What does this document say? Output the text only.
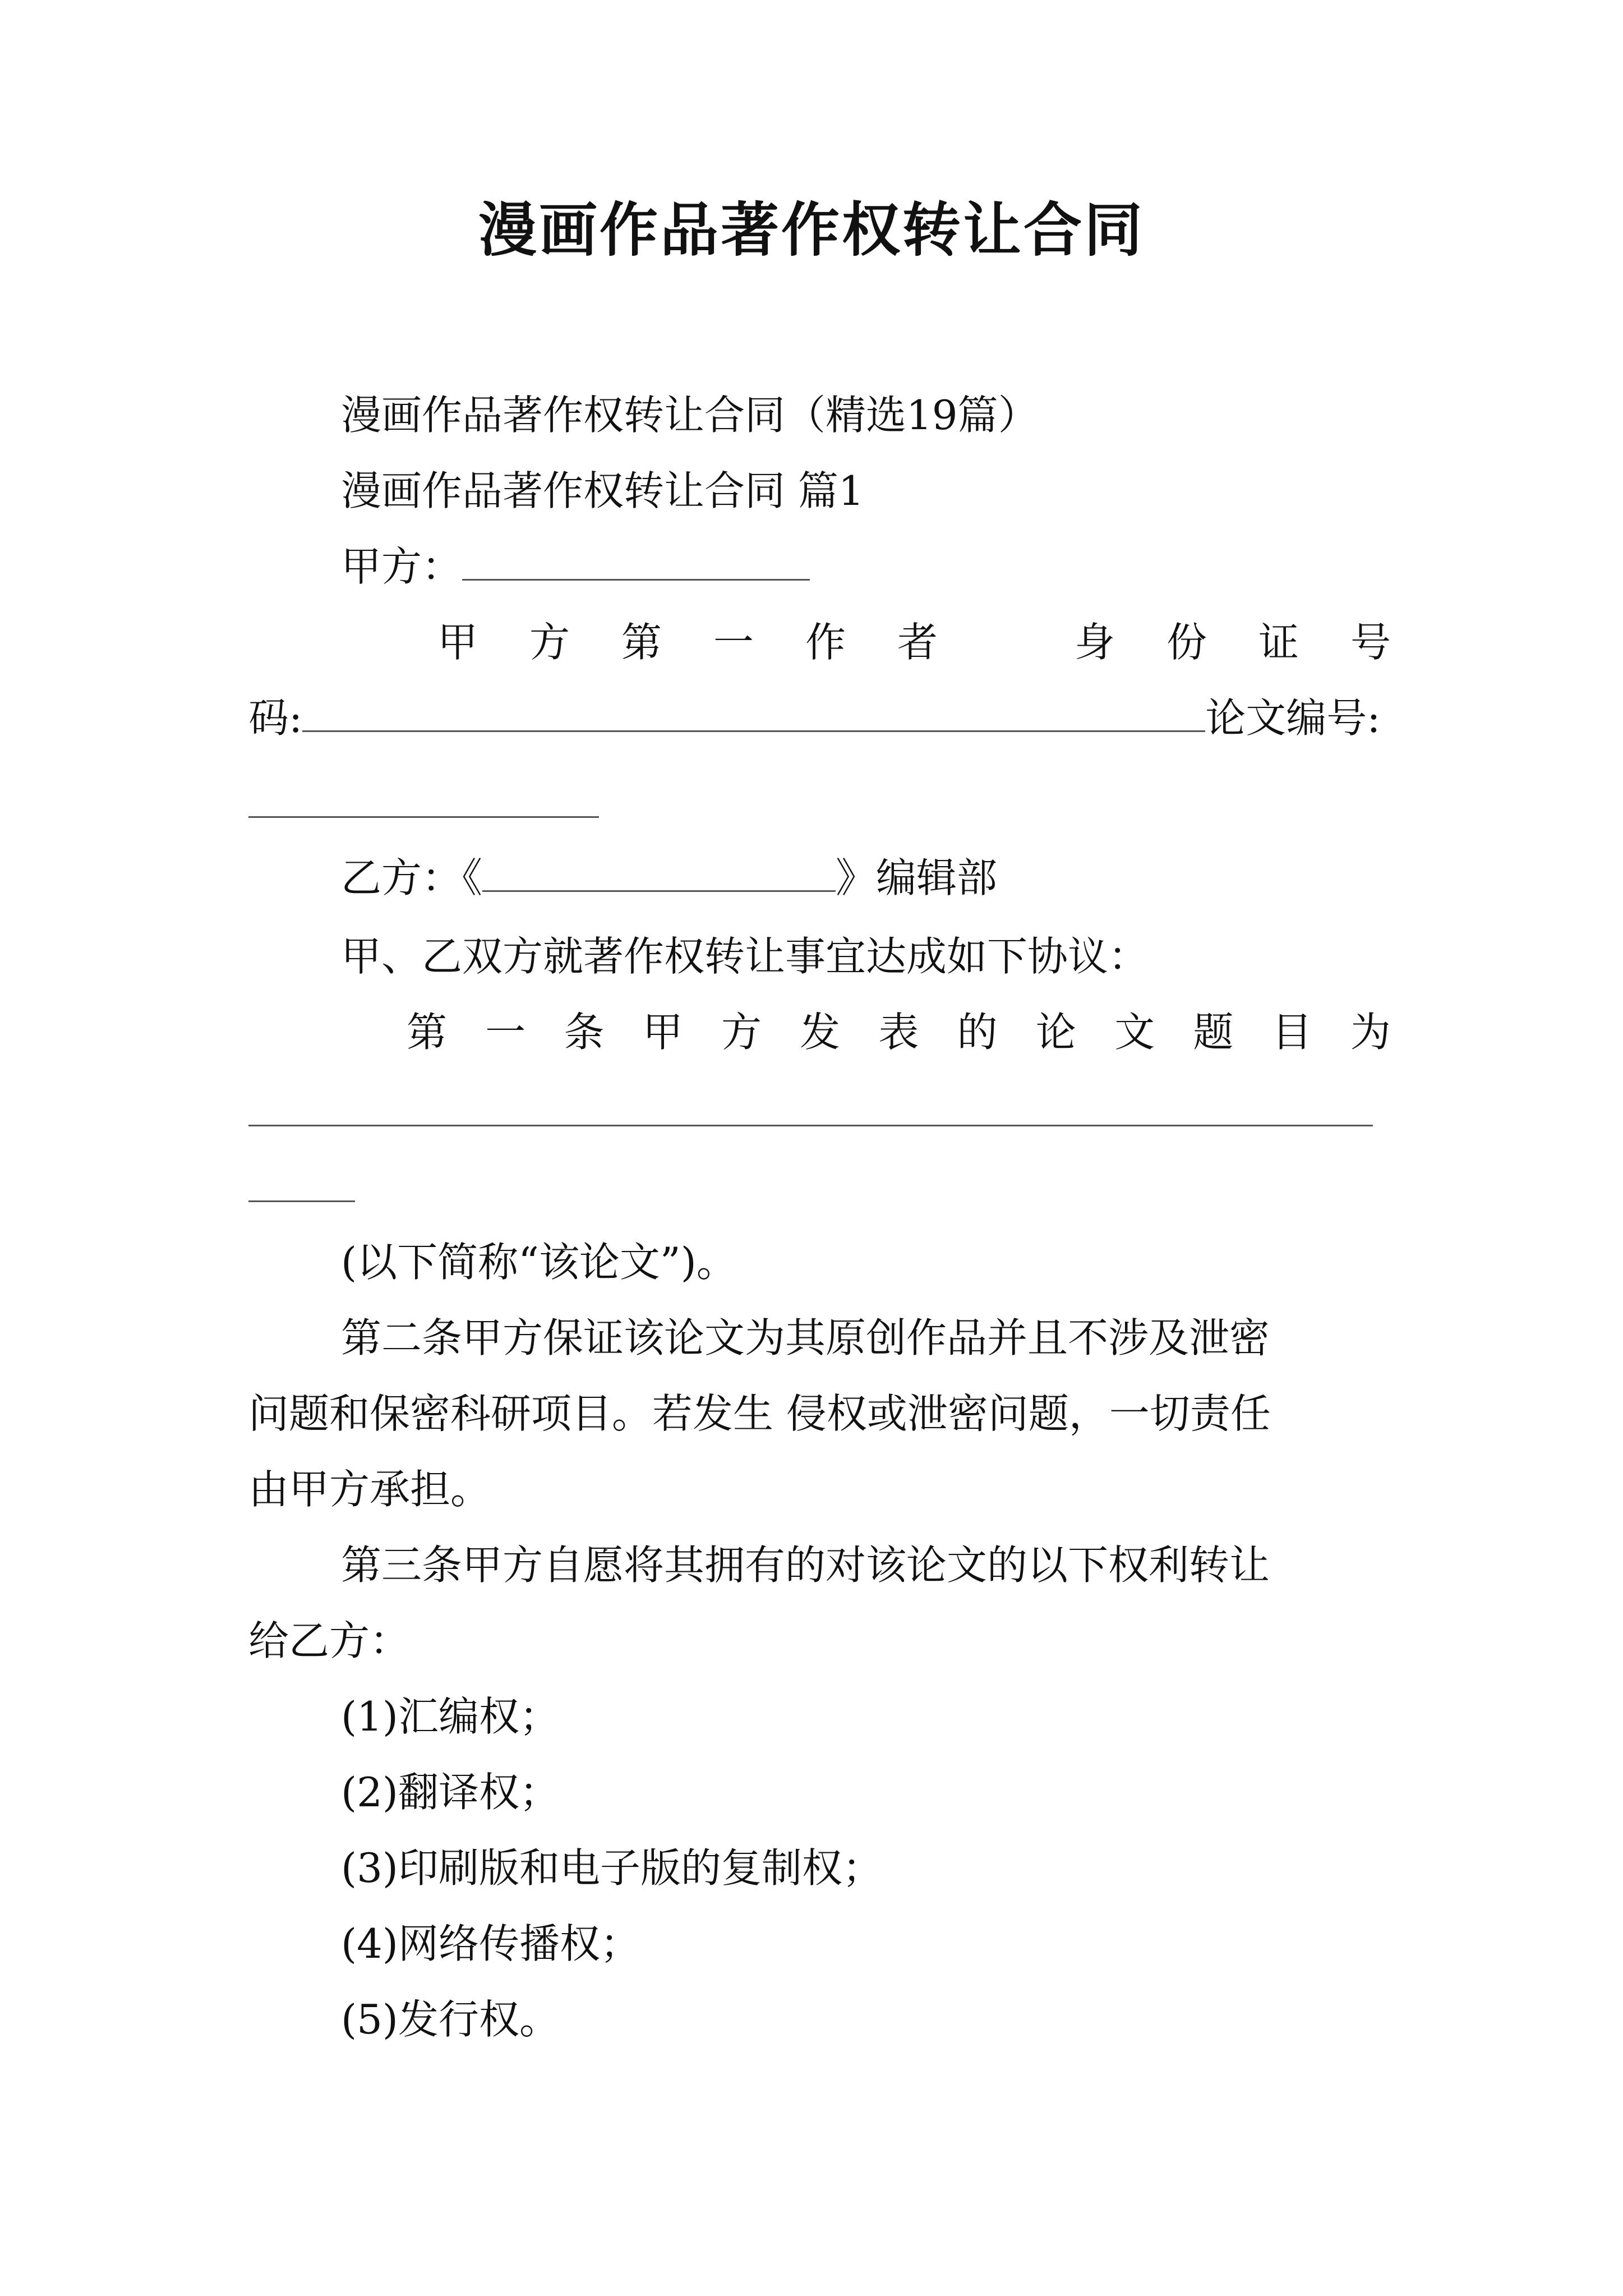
漫画作品著作权转让合同
漫画作品著作权转让合同（精选19篇）
漫画作品著作权转让合同 篇1
甲方：
甲 方 第 一 作 者	身 份 证 号
码:	论文编号:
乙方：《	》编辑部
甲、乙双方就著作权转让事宜达成如下协议：
第 一 条 甲 方 发 表 的 论 文 题 目 为
(以下简称“该论文”)。
第二条甲方保证该论文为其原创作品并且不涉及泄密
问题和保密科研项目。若发生 侵权或泄密问题，一切责任
由甲方承担。
第三条甲方自愿将其拥有的对该论文的以下权利转让
给乙方：
(1)汇编权；
(2)翻译权；
(3)印刷版和电子版的复制权；
(4)网络传播权；
(5)发行权。
